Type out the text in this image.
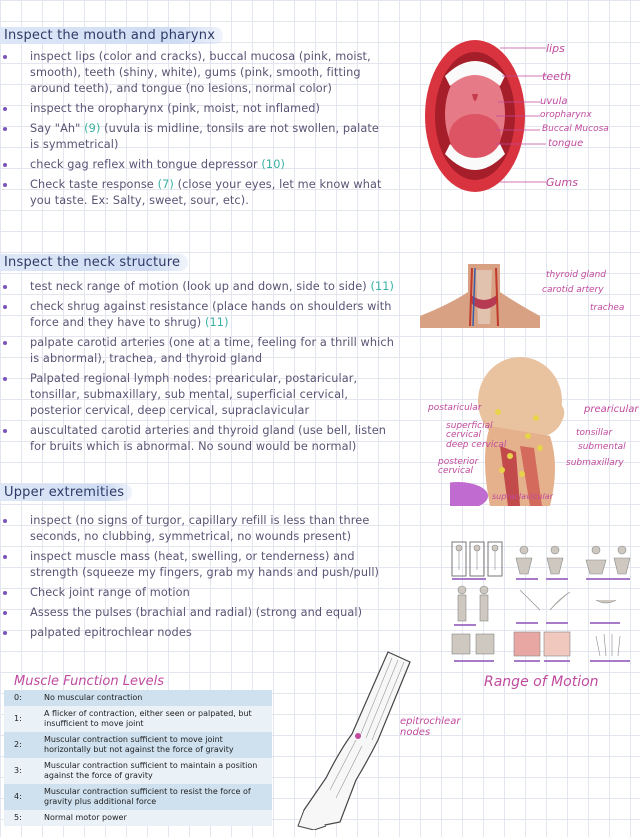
Inspect the mouth and pharynx
inspect lips (color and cracks), buccal mucosa (pink, moist, smooth), teeth (shiny, white), gums (pink, smooth, fitting around teeth), and tongue (no lesions, normal color)
inspect the oropharynx (pink, moist, not inflamed)
Say "Ah" (9) (uvula is midline, tonsils are not swollen, palate is symmetrical)
check gag reflex with tongue depressor (10)
Check taste response (7) (close your eyes, let me know what you taste. Ex: Salty, sweet, sour, etc).
lips
teeth
uvula
oropharynx
Buccal Mucosa
tongue
Gums
Inspect the neck structure
test neck range of motion (look up and down, side to side) (11)
check shrug against resistance (place hands on shoulders with force and they have to shrug) (11)
palpate carotid arteries (one at a time, feeling for a thrill which is abnormal), trachea, and thyroid gland
Palpated regional lymph nodes: prearicular, postaricular, tonsillar, submaxillary, sub mental, superficial cervical, posterior cervical, deep cervical, supraclavicular
auscultated carotid arteries and thyroid gland (use bell, listen for bruits which is abnormal. No sound would be normal)
thyroid gland
carotid artery
trachea
postaricular
superficial cervical
deep cervical
posterior cervical
prearicular
tonsillar
submental
submaxillary
supraclavicular
Upper extremities
inspect (no signs of turgor, capillary refill is less than three seconds, no clubbing, symmetrical, no wounds present)
inspect muscle mass (heat, swelling, or tenderness) and strength (squeeze my fingers, grab my hands and push/pull)
Check joint range of motion
Assess the pulses (brachial and radial) (strong and equal)
palpated epitrochlear nodes
Range of Motion
epitrochlear nodes
Muscle Function Levels
0:	No muscular contraction
1:	A flicker of contraction, either seen or palpated, but insufficient to move joint
2:	Muscular contraction sufficient to move joint horizontally but not against the force of gravity
3:	Muscular contraction sufficient to maintain a position against the force of gravity
4:	Muscular contraction sufficient to resist the force of gravity plus additional force
5:	Normal motor power
